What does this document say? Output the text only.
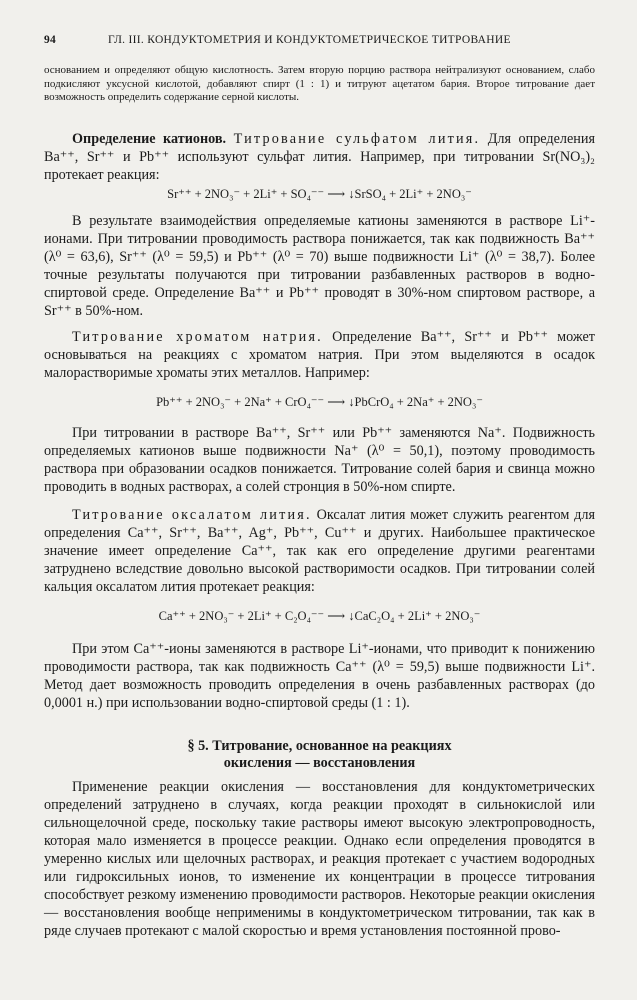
94	ГЛ. III. КОНДУКТОМЕТРИЯ И КОНДУКТОМЕТРИЧЕСКОЕ ТИТРОВАНИЕ
основанием и определяют общую кислотность. Затем вторую порцию раствора нейтрализуют основанием, слабо подкисляют уксусной кислотой, добавляют спирт (1 : 1) и титруют ацетатом бария. Второе титрование дает возможность определить содержание серной кислоты.

Определение катионов. Титрование сульфатом лития. Для определения Ba⁺⁺, Sr⁺⁺ и Pb⁺⁺ используют сульфат лития. Например, при титровании Sr(NO₃)₂ протекает реакция:

Sr⁺⁺ + 2NO₃⁻ + 2Li⁺ + SO₄⁻⁻ ⟶ ↓SrSO₄ + 2Li⁺ + 2NO₃⁻

В результате взаимодействия определяемые катионы заменяются в растворе Li⁺-ионами. При титровании проводимость раствора понижается, так как подвижность Ba⁺⁺ (λ⁰ = 63,6), Sr⁺⁺ (λ⁰ = 59,5) и Pb⁺⁺ (λ⁰ = 70) выше подвижности Li⁺ (λ⁰ = 38,7). Более точные результаты получаются при титровании разбавленных растворов в водно-спиртовой среде. Определение Ba⁺⁺ и Pb⁺⁺ проводят в 30%-ном спиртовом растворе, а Sr⁺⁺ в 50%-ном.

Титрование хроматом натрия. Определение Ba⁺⁺, Sr⁺⁺ и Pb⁺⁺ может основываться на реакциях с хроматом натрия. При этом выделяются в осадок малорастворимые хроматы этих металлов. Например:

Pb⁺⁺ + 2NO₃⁻ + 2Na⁺ + CrO₄⁻⁻ ⟶ ↓PbCrO₄ + 2Na⁺ + 2NO₃⁻

При титровании в растворе Ba⁺⁺, Sr⁺⁺ или Pb⁺⁺ заменяются Na⁺. Подвижность определяемых катионов выше подвижности Na⁺ (λ⁰ = 50,1), поэтому проводимость раствора при образовании осадков понижается. Титрование солей бария и свинца можно проводить в водных растворах, а солей стронция в 50%-ном спирте.

Титрование оксалатом лития. Оксалат лития может служить реагентом для определения Ca⁺⁺, Sr⁺⁺, Ba⁺⁺, Ag⁺, Pb⁺⁺, Cu⁺⁺ и других. Наибольшее практическое значение имеет определение Ca⁺⁺, так как его определение другими реагентами затруднено вследствие довольно высокой растворимости осадков. При титровании солей кальция оксалатом лития протекает реакция:

Ca⁺⁺ + 2NO₃⁻ + 2Li⁺ + C₂O₄⁻⁻ ⟶ ↓CaC₂O₄ + 2Li⁺ + 2NO₃⁻

При этом Ca⁺⁺-ионы заменяются в растворе Li⁺-ионами, что приводит к понижению проводимости раствора, так как подвижность Ca⁺⁺ (λ⁰ = 59,5) выше подвижности Li⁺. Метод дает возможность проводить определения в очень разбавленных растворах (до 0,0001 н.) при использовании водно-спиртовой среды (1 : 1).

§ 5. Титрование, основанное на реакциях
окисления — восстановления

Применение реакции окисления — восстановления для кондуктометрических определений затруднено в случаях, когда реакции проходят в сильнокислой или сильнощелочной среде, поскольку такие растворы имеют высокую электропроводность, которая мало изменяется в процессе реакции. Однако если определения проводятся в умеренно кислых или щелочных растворах, и реакция протекает с участием водородных или гидроксильных ионов, то изменение их концентрации в процессе титрования способствует резкому изменению проводимости растворов. Некоторые реакции окисления — восстановления вообще неприменимы в кондуктометрическом титровании, так как в ряде случаев протекают с малой скоростью и время установления постоянной прово-
